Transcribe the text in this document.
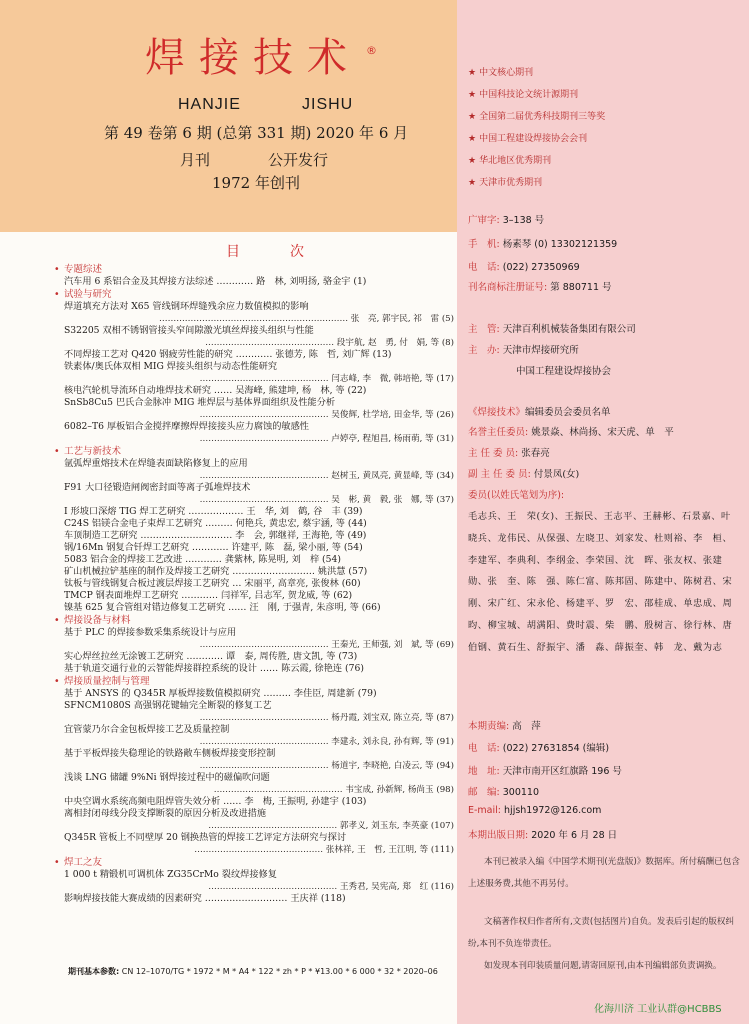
焊接技术 ®
HANJIE	JISHU
第 49 卷第 6 期 (总第 331 期) 2020 年 6 月
月刊	公开发行
1972 年创刊
★ 中文核心期刊
★ 中国科技论文统计源期刊
★ 全国第二届优秀科技期刊三等奖
★ 中国工程建设焊接协会会刊
★ 华北地区优秀期刊
★ 天津市优秀期刊
广审字: 3–138 号
手　机: 杨素琴 (0) 13302121359
电　话: (022) 27350969
刊名商标注册证号: 第 880711 号
主　管: 天津百利机械装备集团有限公司
主　办: 天津市焊接研究所
中国工程建设焊接协会
《焊接技术》编辑委员会委员名单
名誉主任委员: 姚景焱、林尚扬、宋天虎、单　平
主 任 委 员: 张春亮
副 主 任 委 员: 付景凤(女)
委员(以姓氏笔划为序):
毛志兵、王　荣(女)、王振民、王志平、王赫彬、石景嘉、叶晓兵、龙伟民、从保强、左晓卫、刘家发、杜则裕、李　桓、李建军、李典利、李纲金、李荣国、沈　晖、张友权、张建勋、张　奎、陈　强、陈仁富、陈邦固、陈建中、陈树君、宋　刚、宋广红、宋永伦、杨建平、罗　宏、邵桂成、单忠成、周　昀、柳宝城、胡满阳、费时震、柴　鹏、殷树言、徐行林、唐伯钢、黄石生、舒振宇、潘　淼、薛振奎、韩　龙、戴为志
本期责编: 高　萍
电　话: (022) 27631854 (编辑)
地　址: 天津市南开区红旗路 196 号
邮　编: 300110
E-mail: hjjsh1972@126.com
本期出版日期: 2020 年 6 月 28 日
本刊已被录入编《中国学术期刊(光盘版)》数据库。所付稿酬已包含上述服务费,其他不再另付。
文稿著作权归作者所有,文责(包括图片)自负。发表后引起的版权纠纷,本刊不负连带责任。
如发现本刊印装质量问题,请寄回原刊,由本刊编辑部负责调换。
目　次
• 专题综述
汽车用 6 系铝合金及其焊接方法综述 ………… 路　林, 刘明扬, 骆金宇 (1)
• 试验与研究
焊道填充方法对 X65 管线钢环焊缝残余应力数值模拟的影响
………………………………………………………… 张　亮, 郭宇民, 祁　雷 (5)
S32205 双相不锈钢管接头窄间隙激光填丝焊接头组织与性能
……………………………………… 段宇航, 赵　勇, 付　娟, 等 (8)
不同焊接工艺对 Q420 钢疲劳性能的研究 ………… 张德芳, 陈　哲, 刘广辉 (13)
铁素体/奥氏体双相 MIG 焊接头组织与动态性能研究
……………………………………… 闫志峰, 李　微, 韩培艳, 等 (17)
核电汽轮机导流环自动堆焊技术研究 …… 吴海峰, 熊建坤, 杨　林, 等 (22)
SnSb8Cu5 巴氏合金脉冲 MIG 堆焊层与基体界面组织及性能分析
……………………………………… 吴俊辉, 杜学培, 田金华, 等 (26)
6082–T6 厚板铝合金搅拌摩擦焊焊接接头应力腐蚀的敏感性
……………………………………… 卢婷亭, 程旭昌, 杨雨萌, 等 (31)
• 工艺与新技术
氩弧焊重熔技术在焊缝表面缺陷修复上的应用
……………………………………… 赵树玉, 黄凤亮, 黄显峰, 等 (34)
F91 大口径锻造闸阀密封面等离子弧堆焊技术
……………………………………… 吴　彬, 黄　毅, 张　娜, 等 (37)
I 形坡口深熔 TIG 焊工艺研究 ……………… 王　华, 刘　鹤, 谷　丰 (39)
C24S 铝镁合金电子束焊工艺研究 ……… 何艳兵, 黄忠宏, 蔡宇涵, 等 (44)
车顶制造工艺研究 ………………………… 李　会, 郭继祥, 王海艳, 等 (49)
钢/16Mn 钢复合钎焊工艺研究 ………… 许建平, 陈　磊, 梁小丽, 等 (54)
5083 铝合金的焊接工艺改进 ………… 龚紫林, 陈晃明, 刘　梓 (54)
矿山机械拉铲基座的制作及焊接工艺研究 ……………………… 姚洪慧 (57)
钛板与管线钢复合板过渡层焊接工艺研究 … 宋丽平, 高章亮, 张俊林 (60)
TMCP 钢表面堆焊工艺研究 ………… 闫祥军, 吕志军, 贺龙威, 等 (62)
镍基 625 复合管组对错边修复工艺研究 …… 汪　刚, 于强青, 朱彦明, 等 (66)
• 焊接设备与材料
基于 PLC 的焊接参数采集系统设计与应用
……………………………………… 王秦光, 王师强, 刘　斌, 等 (69)
实心焊丝拉丝无涂镀工艺研究 ………… 谭　泰, 周传胜, 唐文凯, 等 (73)
基于轨道交通行业的云智能焊接群控系统的设计 …… 陈云霞, 徐艳连 (76)
• 焊接质量控制与管理
基于 ANSYS 的 Q345R 厚板焊接数值模拟研究 ……… 李佳臣, 周建新 (79)
SFNCM1080S 高强钢花键轴完全断裂的修复工艺
……………………………………… 杨丹霞, 刘宝双, 陈立亮, 等 (87)
宜管蒙乃尔合金包板焊接工艺及质量控制
……………………………………… 李建永, 刘永良, 孙有辉, 等 (91)
基于平板焊接失稳理论的铁路敞车侧板焊接变形控制
……………………………………… 杨道宇, 李晓艳, 白凌云, 等 (94)
浅谈 LNG 储罐 9%Ni 钢焊接过程中的磁偏吹问题
……………………………………… 韦宝成, 孙新辉, 杨尚玉 (98)
中央空调水系统高频电阻焊管失效分析 …… 李　梅, 王振明, 孙建宇 (103)
离相封闭母线分段支撑断裂的原因分析及改进措施
……………………………………… 郭孝义, 刘玉东, 李英豪 (107)
Q345R 管板上不同壁厚 20 钢换热管的焊接工艺评定方法研究与探讨
……………………………………… 张林祥, 王　哲, 王江明, 等 (111)
• 焊工之友
1 000 t 精锻机可调机体 ZG35CrMo 裂纹焊接修复
……………………………………… 王秀君, 吴宪高, 郑　红 (116)
影响焊接技能大赛成绩的因素研究 ……………………… 王庆祥 (118)
期刊基本参数: CN 12–1070/TG * 1972 * M * A4 * 122 * zh * P * ¥13.00 * 6 000 * 32 * 2020–06
化海川济 工业认群@HCBBS
